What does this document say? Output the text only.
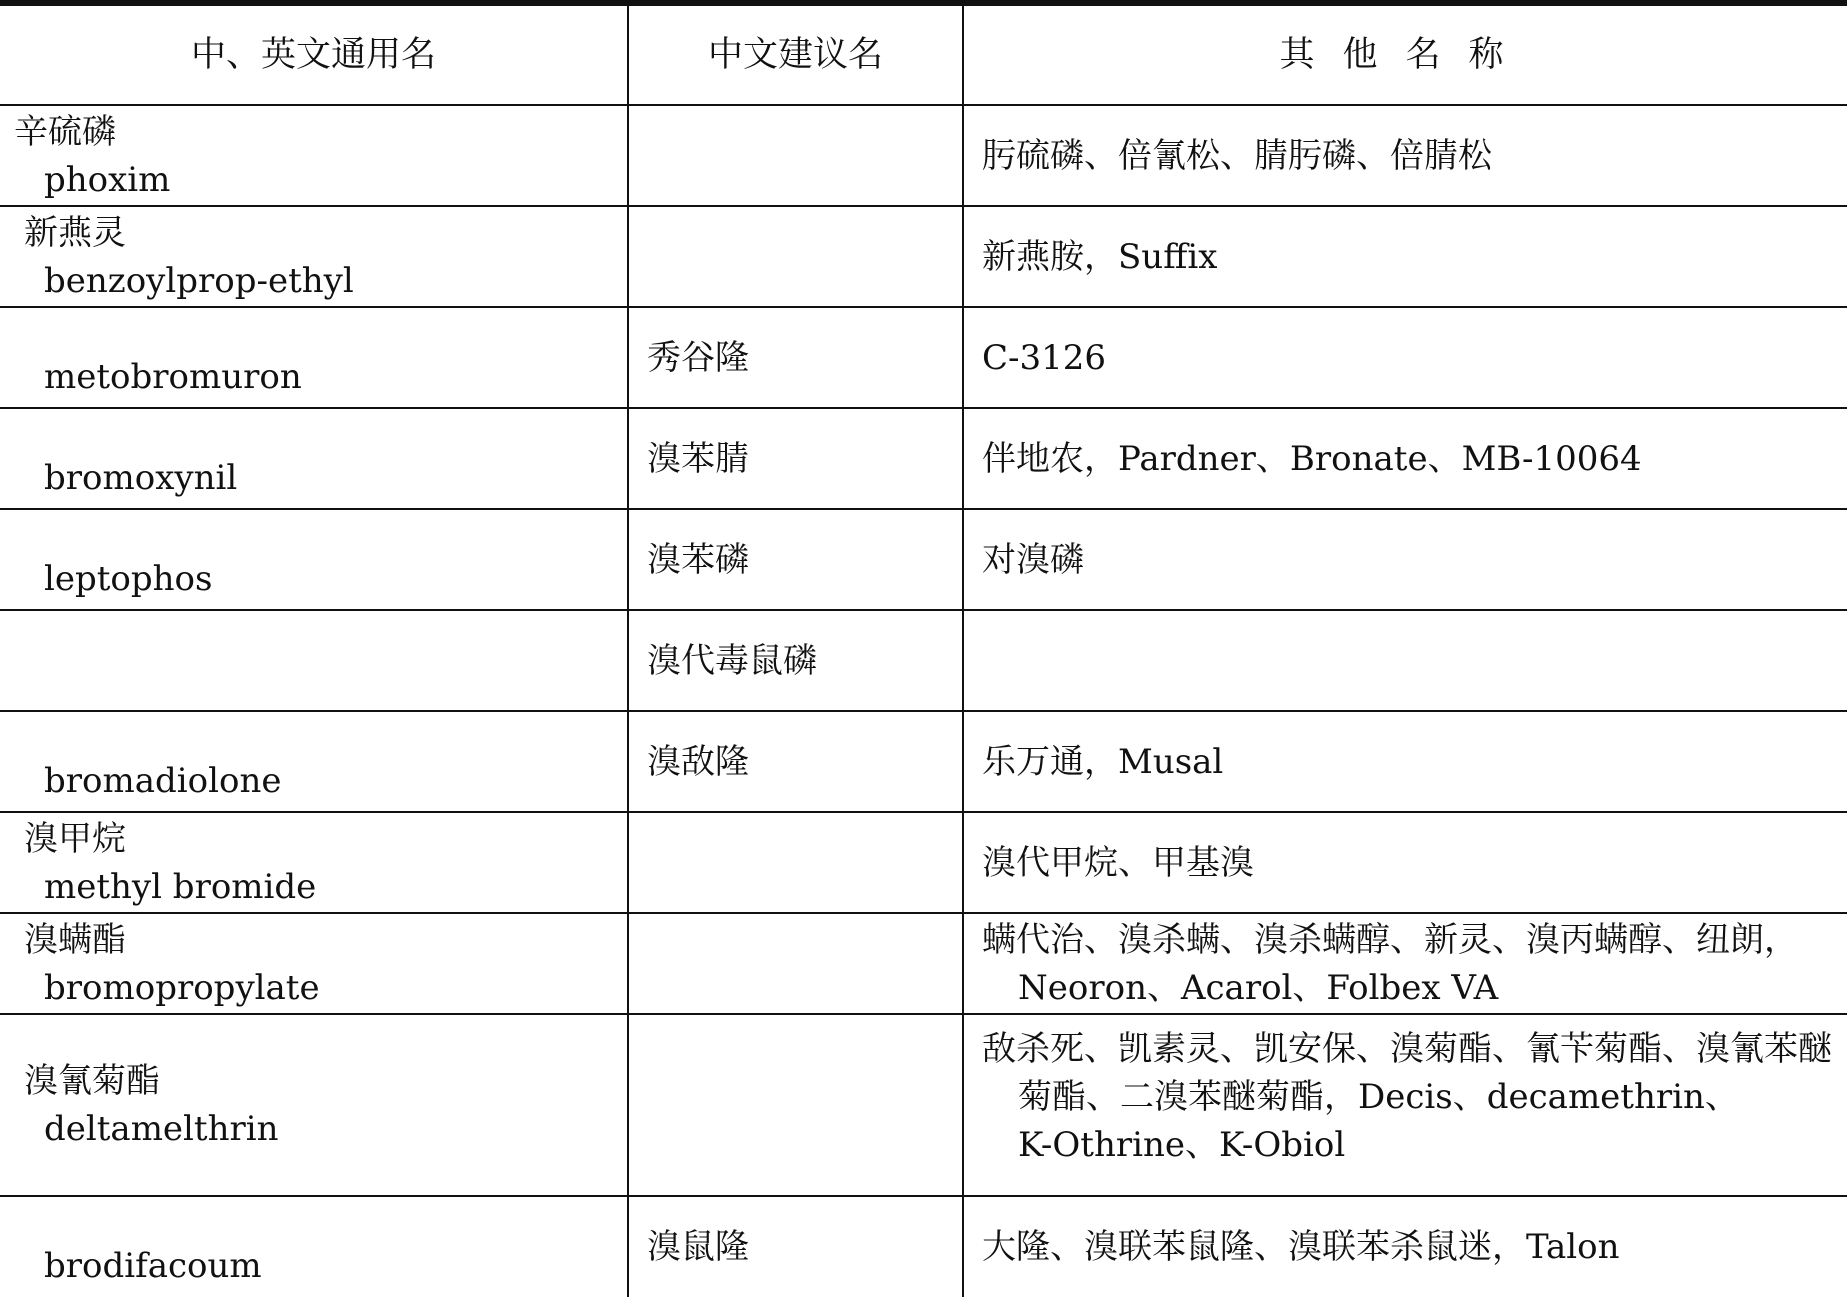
中、英文通用名	中文建议名	其他名称

辛硫磷
phoxim		肟硫磷、倍氰松、腈肟磷、倍腈松

新燕灵
benzoylprop-ethyl		新燕胺，Suffix

metobromuron	秀谷隆	C-3126

bromoxynil	溴苯腈	伴地农，Pardner、Bronate、MB-10064

leptophos	溴苯磷	对溴磷

	溴代毒鼠磷	

bromadiolone	溴敌隆	乐万通，Musal

溴甲烷
methyl bromide		溴代甲烷、甲基溴

溴螨酯
bromopropylate		螨代治、溴杀螨、溴杀螨醇、新灵、溴丙螨醇、纽朗，
Neoron、Acarol、Folbex VA

溴氰菊酯
deltamelthrin		敌杀死、凯素灵、凯安保、溴菊酯、氰苄菊酯、溴氰苯醚
菊酯、二溴苯醚菊酯，Decis、decamethrin、
K-Othrine、K-Obiol

brodifacoum	溴鼠隆	大隆、溴联苯鼠隆、溴联苯杀鼠迷，Talon
